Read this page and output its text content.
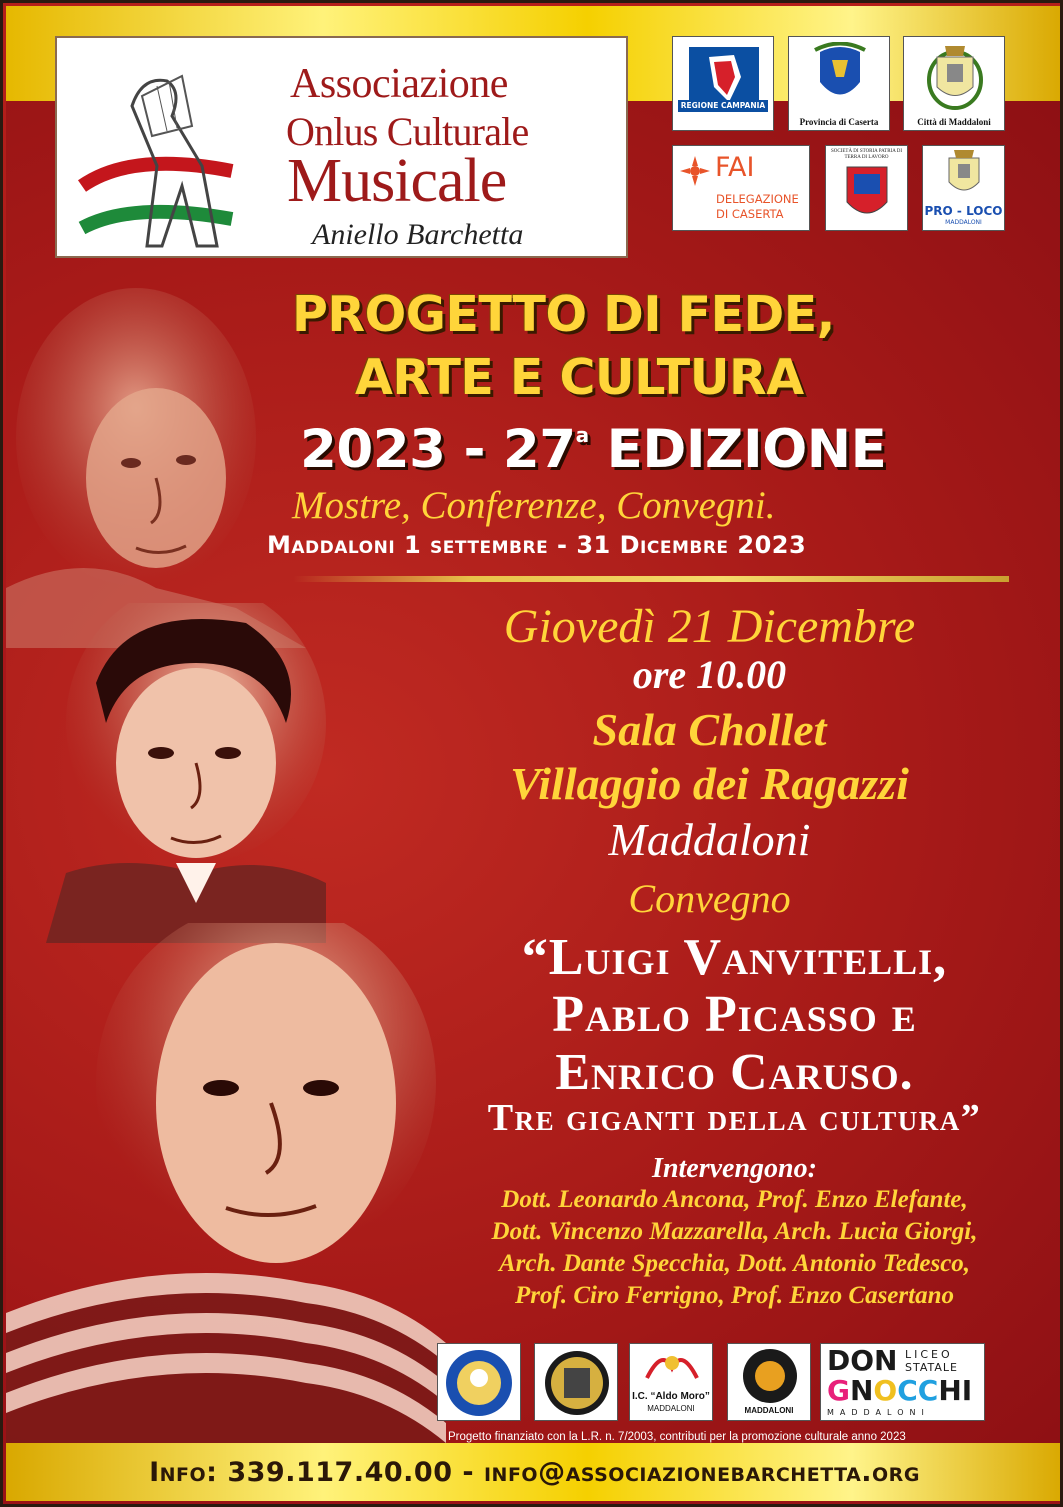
Associazione
Onlus Culturale
Musicale
Aniello Barchetta
REGIONE CAMPANIA
Provincia di Caserta	Città di Maddaloni
FAI
DELEGAZIONE
DI CASERTA
SOCIETÀ DI STORIA PATRIA DI TERRA DI LAVORO
PRO - LOCO
MADDALONI
PROGETTO DI FEDE,
ARTE E CULTURA
2023 - 27$^a$ EDIZIONE
Mostre, Conferenze, Convegni.
Maddaloni 1 settembre - 31 Dicembre 2023
Giovedì 21 Dicembre
ore 10.00
Sala Chollet
Villaggio dei Ragazzi
Maddaloni
Convegno
“Luigi Vanvitelli,
Pablo Picasso e
Enrico Caruso.
Tre giganti della cultura”
Intervengono:
Dott. Leonardo Ancona, Prof. Enzo Elefante,
Dott. Vincenzo Mazzarella, Arch. Lucia Giorgi,
Arch. Dante Specchia, Dott. Antonio Tedesco,
Prof. Ciro Ferrigno, Prof. Enzo Casertano
I.C. “Aldo Moro”
MADDALONI	MADDALONI
DON
GNOCCHI
LICEO
STATALE
MADDALONI
Progetto finanziato con la L.R. n. 7/2003, contributi per la promozione culturale anno 2023
Info: 339.117.40.00 - info@associazionebarchetta.org
